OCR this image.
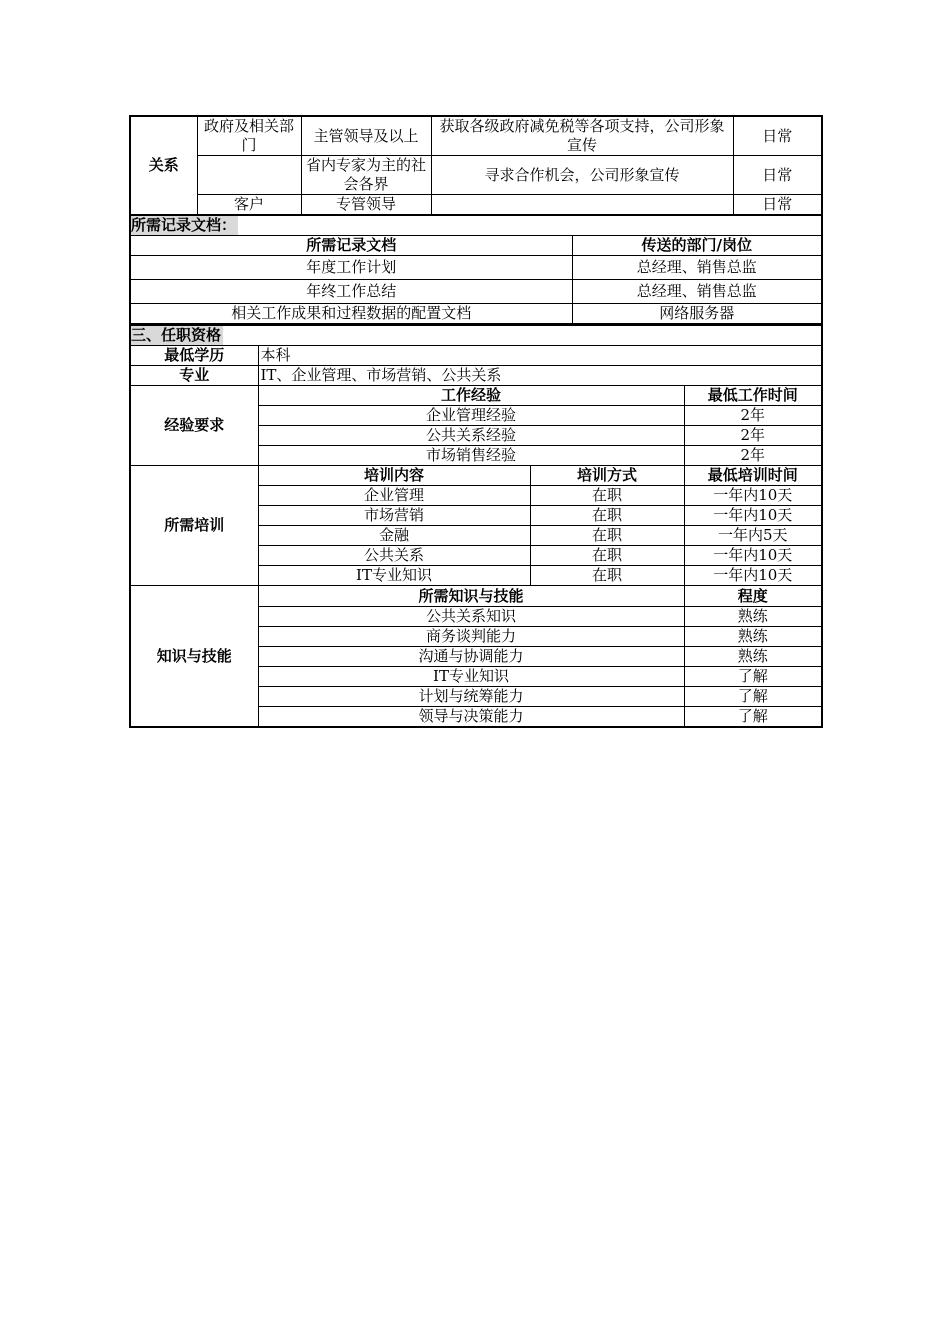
关系	政府及相关部门	主管领导及以上	获取各级政府减免税等各项支持，公司形象宣传	日常
		省内专家为主的社会各界	寻求合作机会，公司形象宣传	日常
	客户	专管领导		日常
所需记录文档：	
所需记录文档	传送的部门/岗位
年度工作计划	总经理、销售总监
年终工作总结	总经理、销售总监
相关工作成果和过程数据的配置文档	网络服务器
三、任职资格			
最低学历	本科		
专业	IT、企业管理、市场营销、公共关系		
经验要求	工作经验		最低工作时间
	企业管理经验		2年
	公共关系经验		2年
	市场销售经验		2年
所需培训	培训内容	培训方式	最低培训时间
	企业管理	在职	一年内10天
	市场营销	在职	一年内10天
	金融	在职	一年内5天
	公共关系	在职	一年内10天
	IT专业知识	在职	一年内10天
知识与技能	所需知识与技能		程度
	公共关系知识		熟练
	商务谈判能力		熟练
	沟通与协调能力		熟练
	IT专业知识		了解
	计划与统筹能力		了解
	领导与决策能力		了解
